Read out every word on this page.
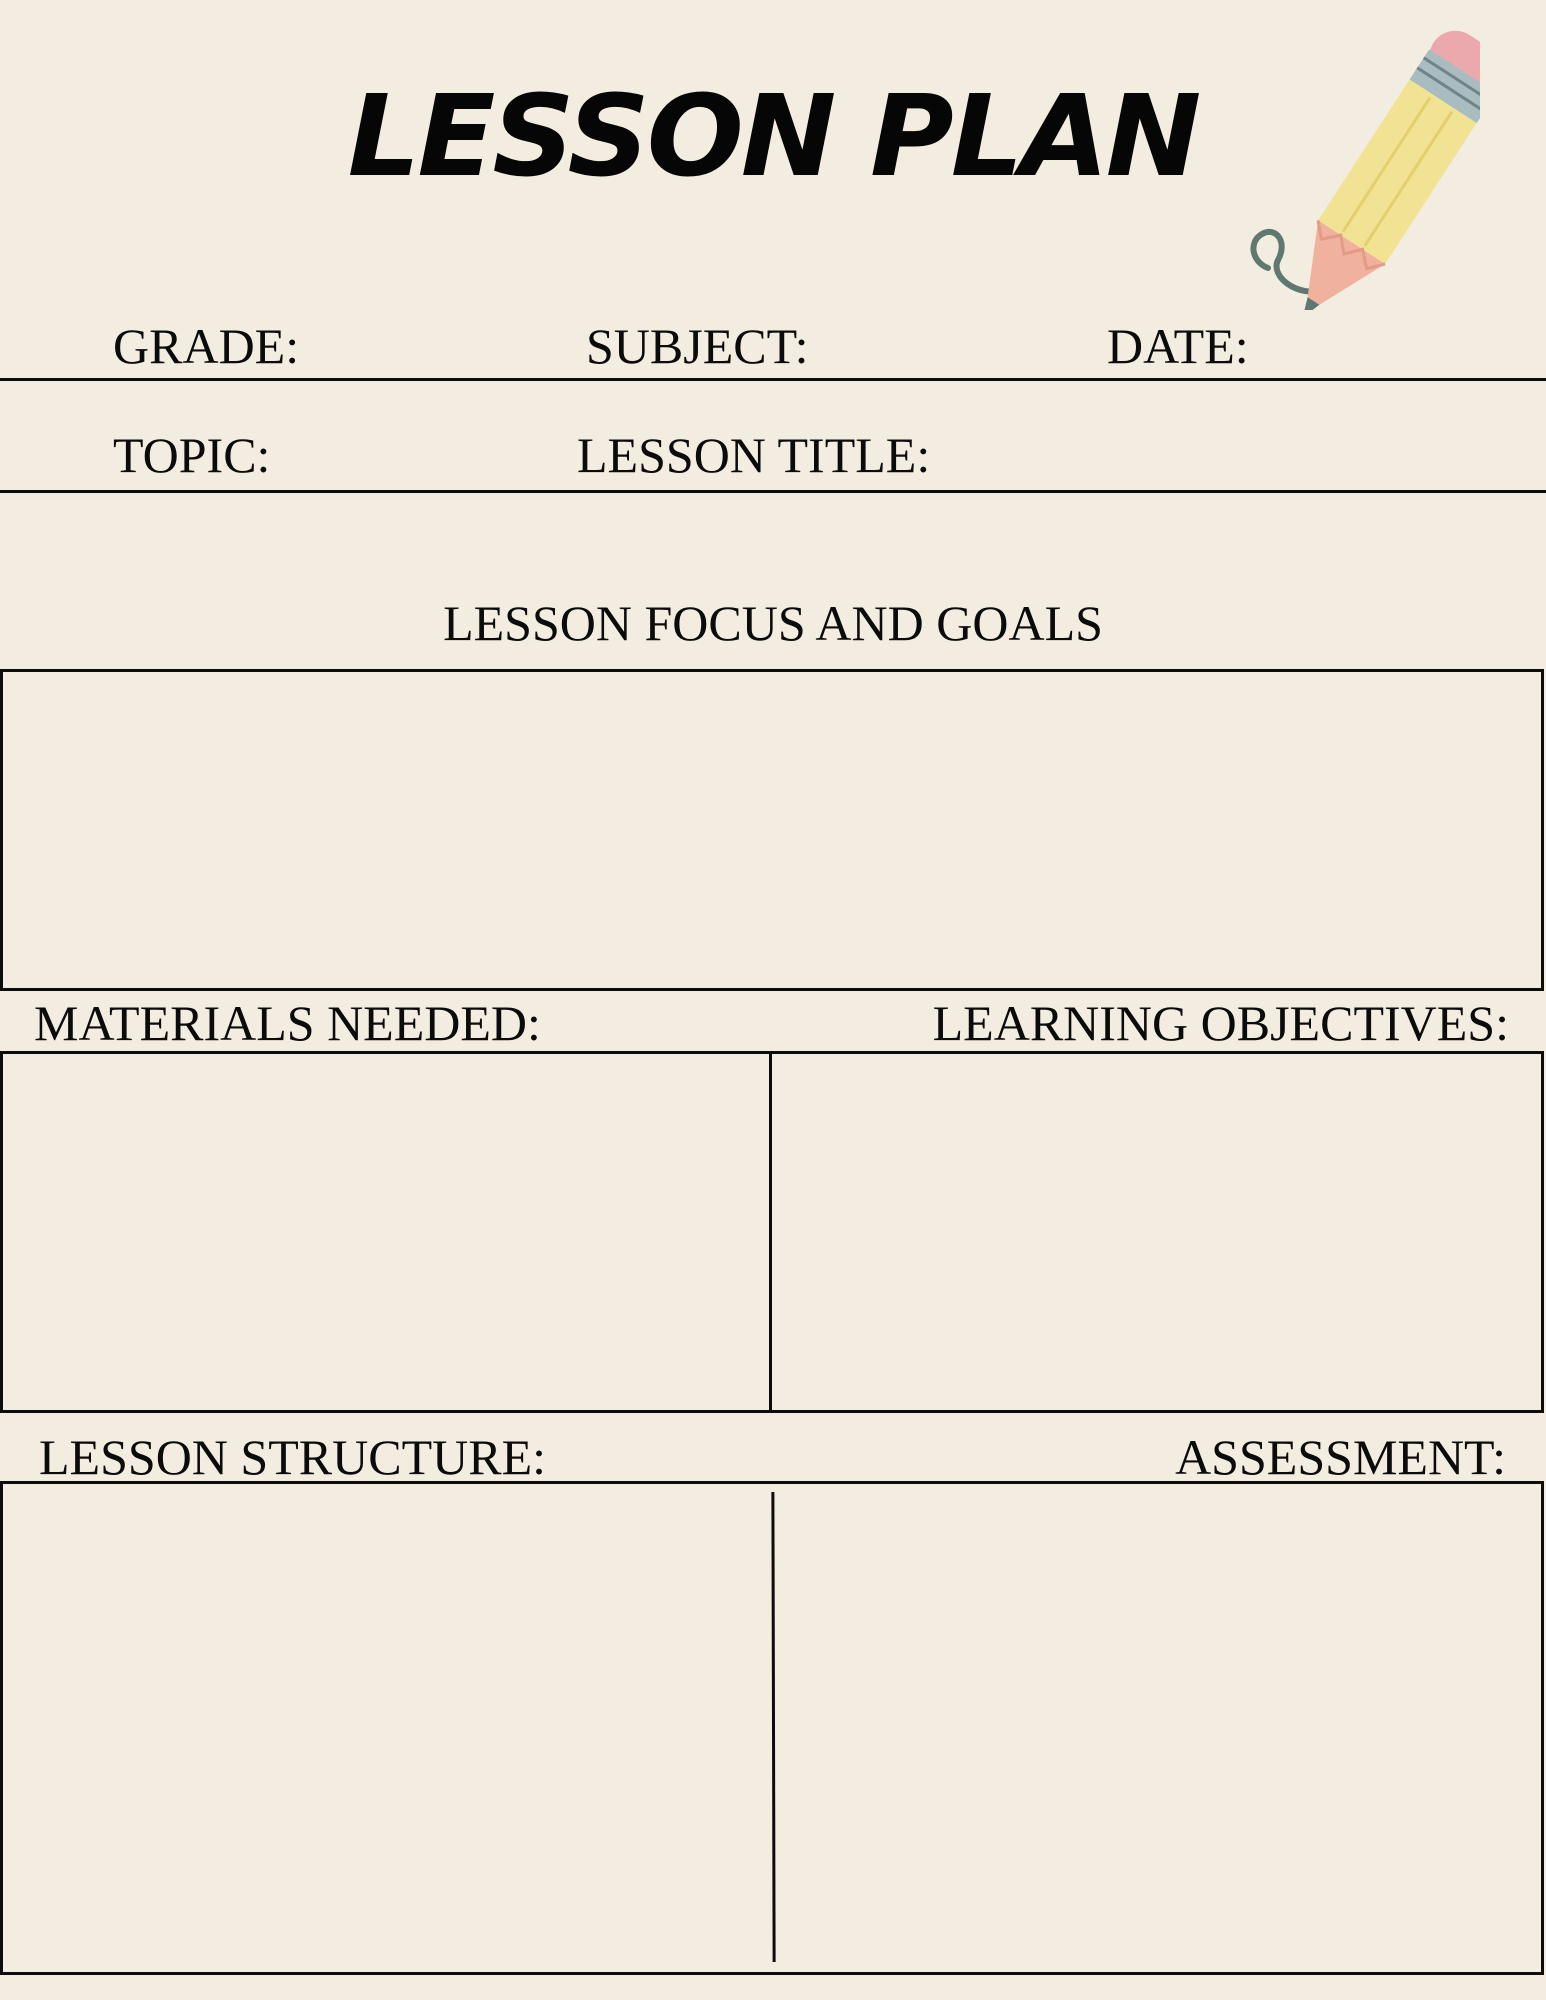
LESSON PLAN
GRADE:	SUBJECT:	DATE:
TOPIC:	LESSON TITLE:
LESSON FOCUS AND GOALS
MATERIALS NEEDED:	LEARNING OBJECTIVES:
LESSON STRUCTURE:	ASSESSMENT:
